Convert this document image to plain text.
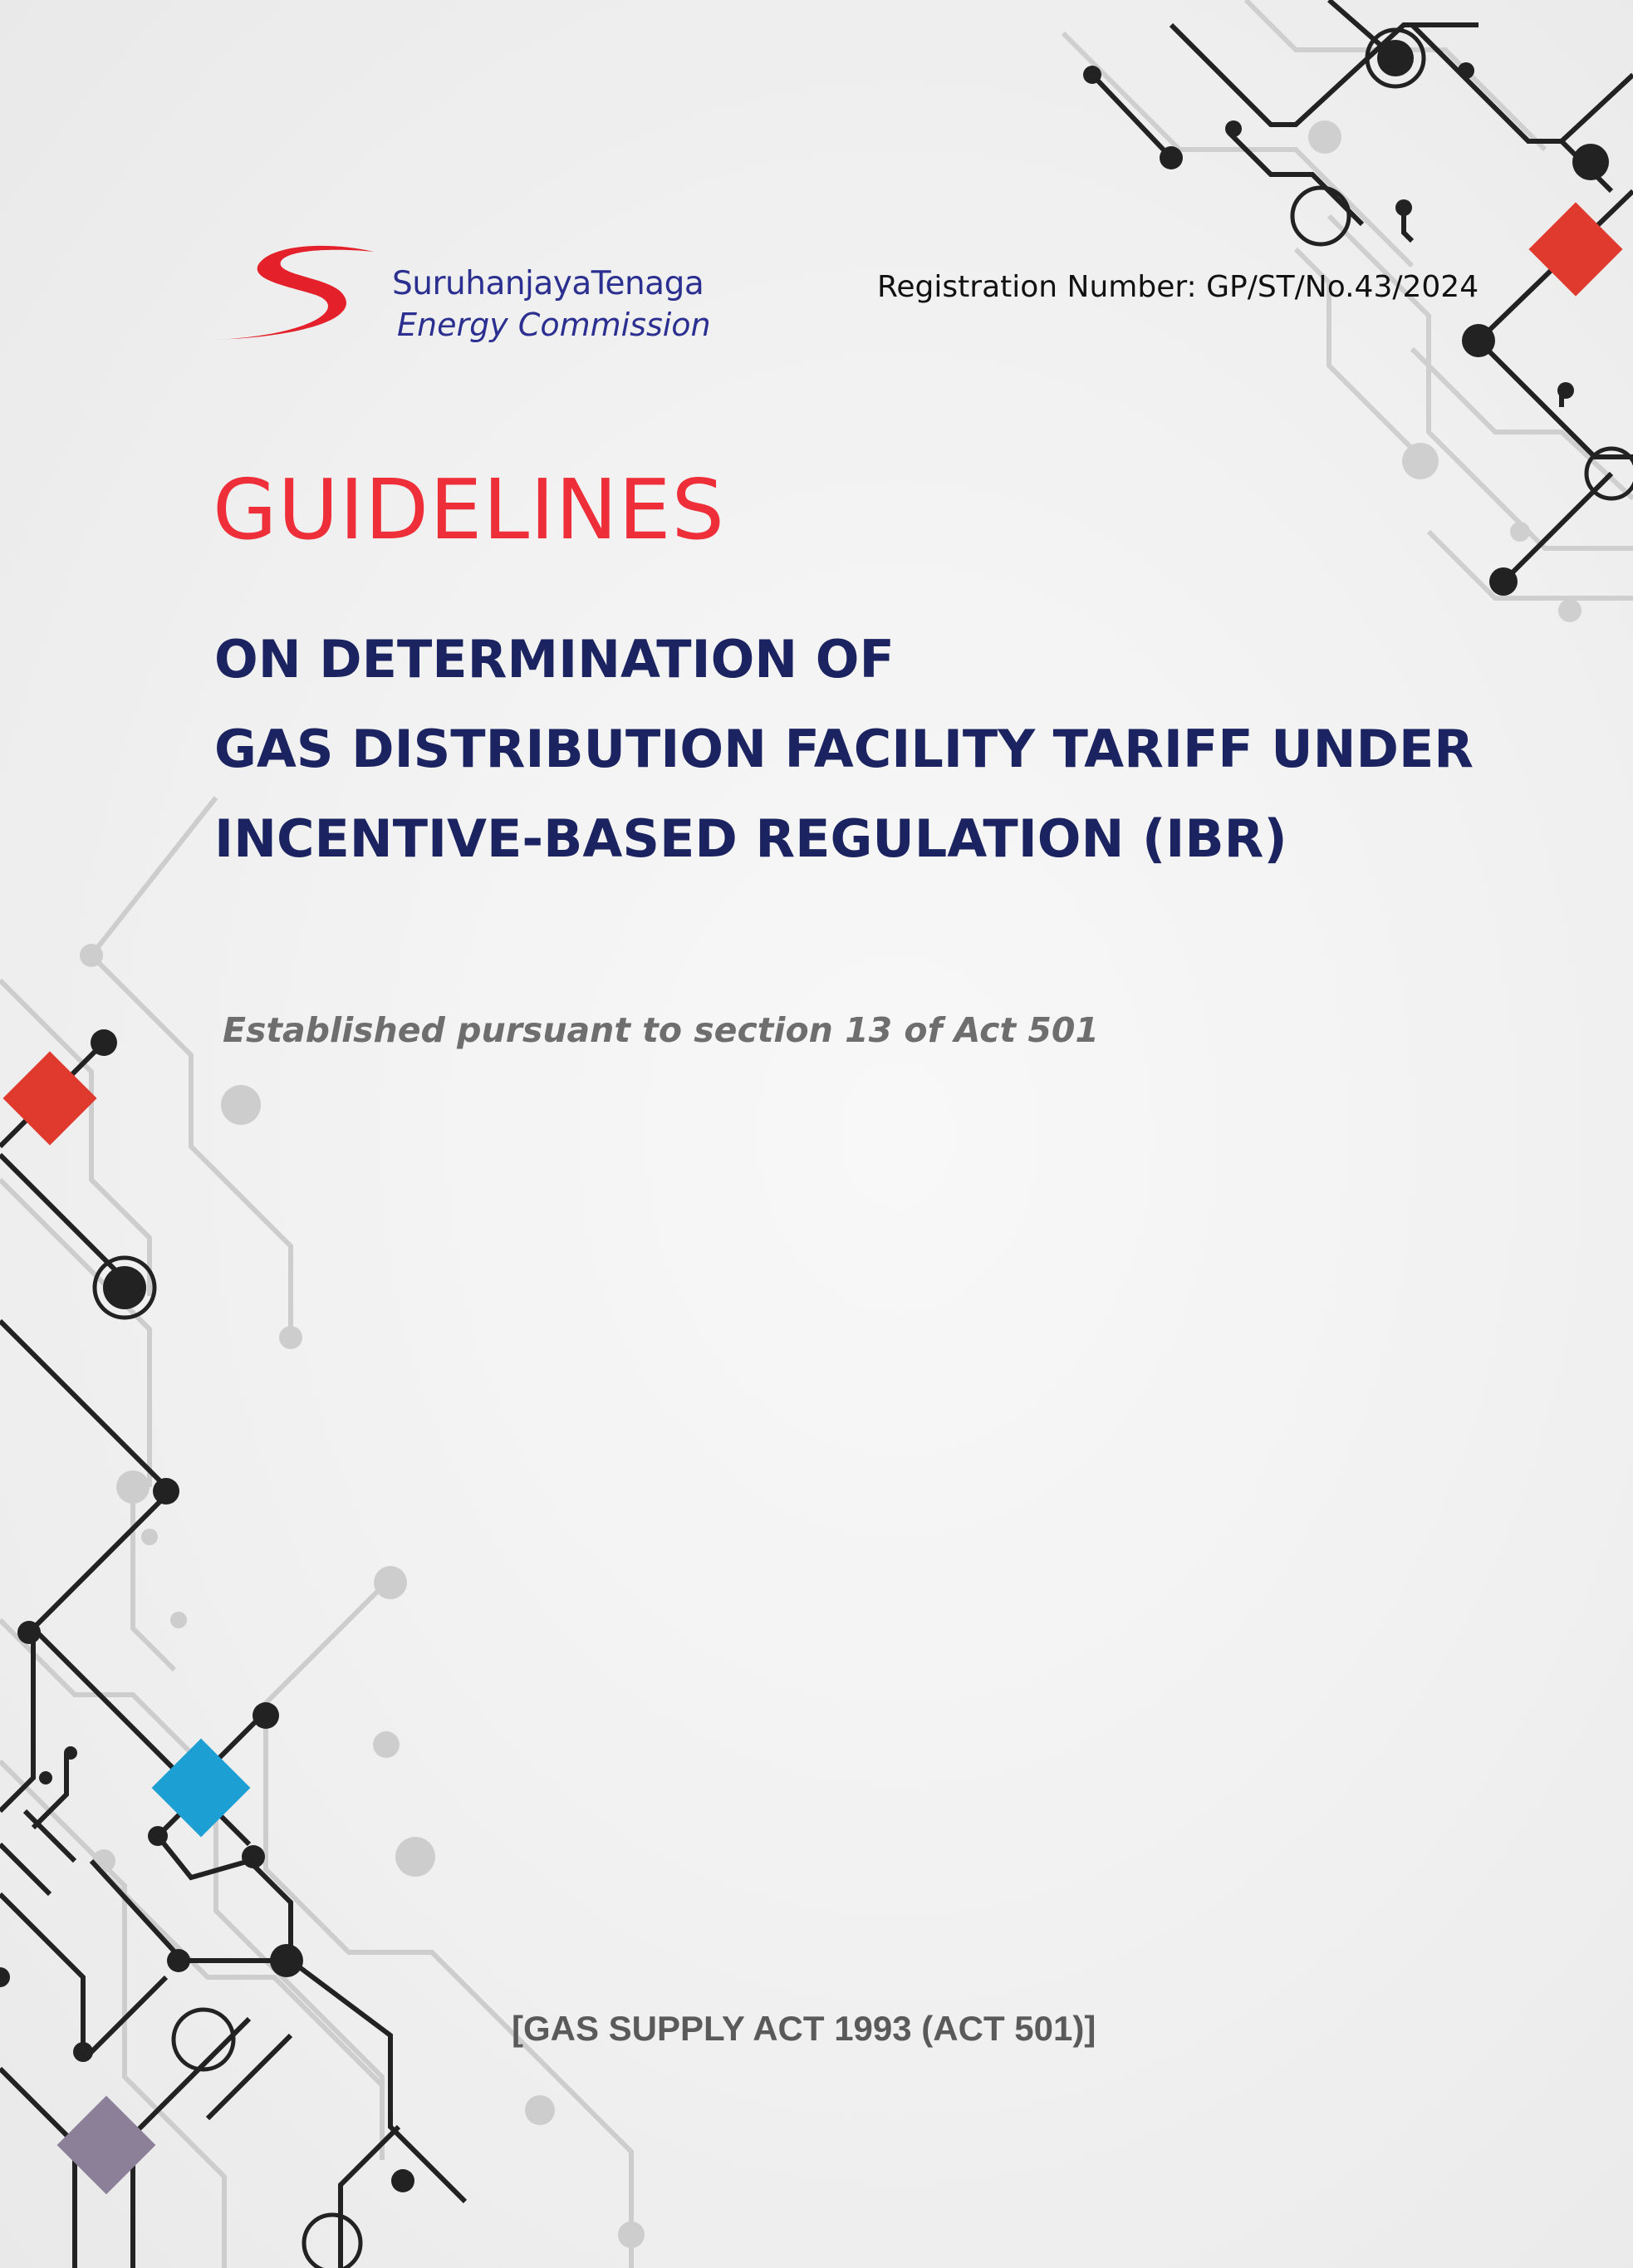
SuruhanjayaTenaga
Energy Commission
Registration Number: GP/ST/No.43/2024
GUIDELINES
ON DETERMINATION OF
GAS DISTRIBUTION FACILITY TARIFF UNDER
INCENTIVE-BASED REGULATION (IBR)
Established pursuant to section 13 of Act 501
[GAS SUPPLY ACT 1993 (ACT 501)]
